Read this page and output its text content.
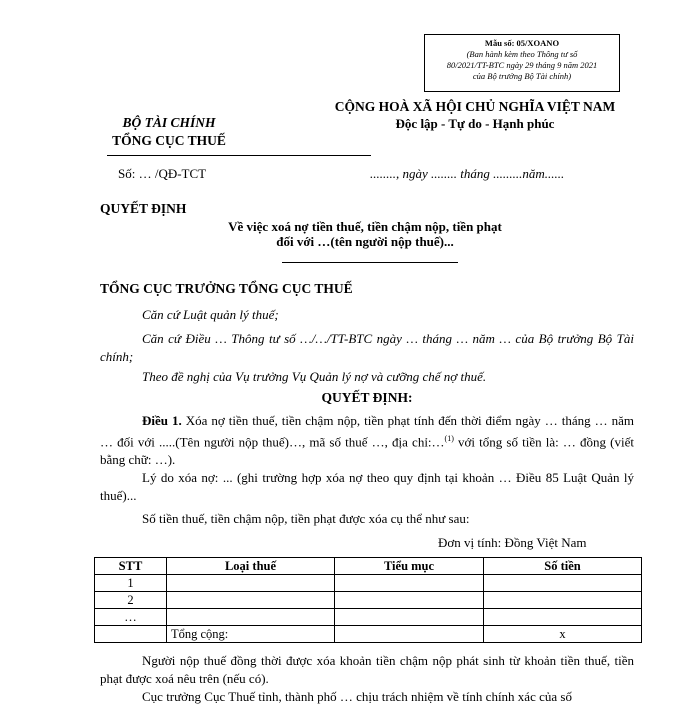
Mẫu số: 05/XOANO
(Ban hành kèm theo Thông tư số
80/2021/TT-BTC ngày 29 tháng 9 năm 2021
của Bộ trưởng Bộ Tài chính)
BỘ TÀI CHÍNH
TỔNG CỤC THUẾ
CỘNG HOÀ XÃ HỘI CHỦ NGHĨA VIỆT NAM
Độc lập - Tự do - Hạnh phúc
Số: … /QĐ-TCT	........, ngày ........ tháng .........năm......
QUYẾT ĐỊNH
Về việc xoá nợ tiền thuế, tiền chậm nộp, tiền phạt
đối với …(tên người nộp thuế)...
TỔNG CỤC TRƯỞNG TỔNG CỤC THUẾ
Căn cứ Luật quản lý thuế;
Căn cứ Điều … Thông tư số …/…/TT-BTC ngày … tháng … năm … của Bộ trưởng Bộ Tài chính;
Theo đề nghị của Vụ trưởng Vụ Quản lý nợ và cưỡng chế nợ thuế.
QUYẾT ĐỊNH:
Điều 1. Xóa nợ tiền thuế, tiền chậm nộp, tiền phạt tính đến thời điểm ngày … tháng … năm … đối với .....(Tên người nộp thuế)…, mã số thuế …, địa chỉ:…$^{(1)}$ với tổng số tiền là: … đồng (viết bằng chữ: …).
Lý do xóa nợ: ... (ghi trường hợp xóa nợ theo quy định tại khoản … Điều 85 Luật Quản lý thuế)...
Số tiền thuế, tiền chậm nộp, tiền phạt được xóa cụ thể như sau:
Đơn vị tính: Đồng Việt Nam
STT	Loại thuế	Tiểu mục	Số tiền
1			
2			
…			
	Tổng cộng:		x
Người nộp thuế đồng thời được xóa khoản tiền chậm nộp phát sinh từ khoản tiền thuế, tiền phạt được xoá nêu trên (nếu có).
Cục trưởng Cục Thuế tỉnh, thành phố … chịu trách nhiệm về tính chính xác của số
